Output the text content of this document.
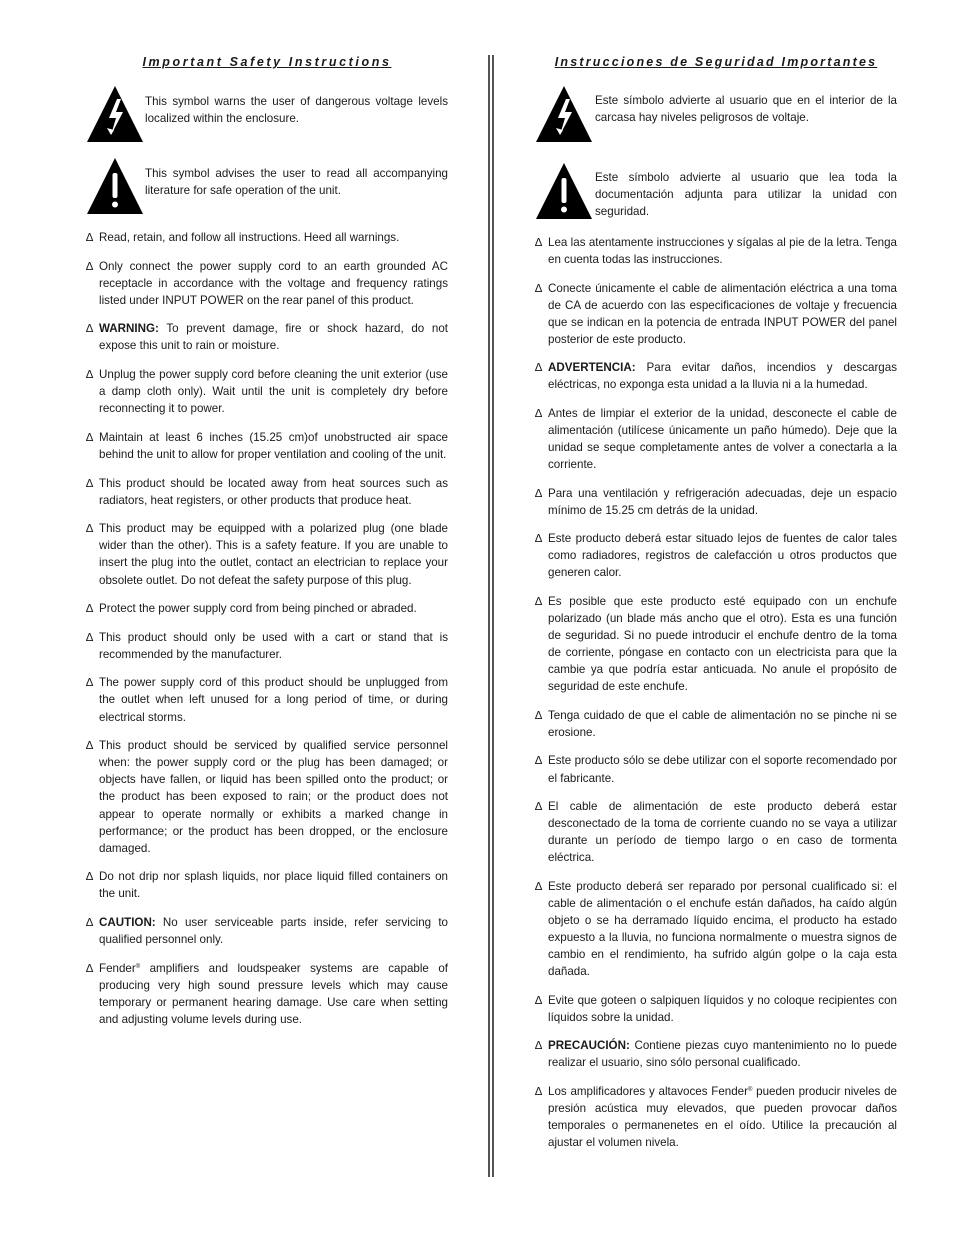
Important Safety Instructions
This symbol warns the user of dangerous voltage levels localized within the enclosure.
This symbol advises the user to read all accompanying literature for safe operation of the unit.
∆ Read, retain, and follow all instructions. Heed all warnings.
∆ Only connect the power supply cord to an earth grounded AC receptacle in accordance with the voltage and frequency ratings listed under INPUT POWER on the rear panel of this product.
∆ WARNING: To prevent damage, fire or shock hazard, do not expose this unit to rain or moisture.
∆ Unplug the power supply cord before cleaning the unit exterior (use a damp cloth only). Wait until the unit is completely dry before reconnecting it to power.
∆ Maintain at least 6 inches (15.25 cm)of unobstructed air space behind the unit to allow for proper ventilation and cooling of the unit.
∆ This product should be located away from heat sources such as radiators, heat registers, or other products that produce heat.
∆ This product may be equipped with a polarized plug (one blade wider than the other). This is a safety feature. If you are unable to insert the plug into the outlet, contact an electrician to replace your obsolete outlet. Do not defeat the safety purpose of this plug.
∆ Protect the power supply cord from being pinched or abraded.
∆ This product should only be used with a cart or stand that is recommended by the manufacturer.
∆ The power supply cord of this product should be unplugged from the outlet when left unused for a long period of time, or during electrical storms.
∆ This product should be serviced by qualified service personnel when: the power supply cord or the plug has been damaged; or objects have fallen, or liquid has been spilled onto the product; or the product has been exposed to rain; or the product does not appear to operate normally or exhibits a marked change in performance; or the product has been dropped, or the enclosure damaged.
∆ Do not drip nor splash liquids, nor place liquid filled containers on the unit.
∆ CAUTION: No user serviceable parts inside, refer servicing to qualified personnel only.
∆ Fender® amplifiers and loudspeaker systems are capable of producing very high sound pressure levels which may cause temporary or permanent hearing damage. Use care when setting and adjusting volume levels during use.
Instrucciones de Seguridad Importantes
Este símbolo advierte al usuario que en el interior de la carcasa hay niveles peligrosos de voltaje.
Este símbolo advierte al usuario que lea toda la documentación adjunta para utilizar la unidad con seguridad.
∆ Lea las atentamente instrucciones y sígalas al pie de la letra. Tenga en cuenta todas las instrucciones.
∆ Conecte únicamente el cable de alimentación eléctrica a una toma de CA de acuerdo con las especificaciones de voltaje y frecuencia que se indican en la potencia de entrada INPUT POWER del panel posterior de este producto.
∆ ADVERTENCIA: Para evitar daños, incendios y descargas eléctricas, no exponga esta unidad a la lluvia ni a la humedad.
∆ Antes de limpiar el exterior de la unidad, desconecte el cable de alimentación (utilícese únicamente un paño húmedo). Deje que la unidad se seque completamente antes de volver a conectarla a la corriente.
∆ Para una ventilación y refrigeración adecuadas, deje un espacio mínimo de 15.25 cm detrás de la unidad.
∆ Este producto deberá estar situado lejos de fuentes de calor tales como radiadores, registros de calefacción u otros productos que generen calor.
∆ Es posible que este producto esté equipado con un enchufe polarizado (un blade más ancho que el otro). Esta es una función de seguridad. Si no puede introducir el enchufe dentro de la toma de corriente, póngase en contacto con un electricista para que la cambie ya que podría estar anticuada. No anule el propósito de seguridad de este enchufe.
∆ Tenga cuidado de que el cable de alimentación no se pinche ni se erosione.
∆ Este producto sólo se debe utilizar con el soporte recomendado por el fabricante.
∆ El cable de alimentación de este producto deberá estar desconectado de la toma de corriente cuando no se vaya a utilizar durante un período de tiempo largo o en caso de tormenta eléctrica.
∆ Este producto deberá ser reparado por personal cualificado si: el cable de alimentación o el enchufe están dañados, ha caído algún objeto o se ha derramado líquido encima, el producto ha estado expuesto a la lluvia, no funciona normalmente o muestra signos de cambio en el rendimiento, ha sufrido algún golpe o la caja esta dañada.
∆ Evite que goteen o salpiquen líquidos y no coloque recipientes con líquidos sobre la unidad.
∆ PRECAUCIÓN: Contiene piezas cuyo mantenimiento no lo puede realizar el usuario, sino sólo personal cualificado.
∆ Los amplificadores y altavoces Fender® pueden producir niveles de presión acústica muy elevados, que pueden provocar daños temporales o permanenetes en el oído. Utilice la precaución al ajustar el volumen nivela.
